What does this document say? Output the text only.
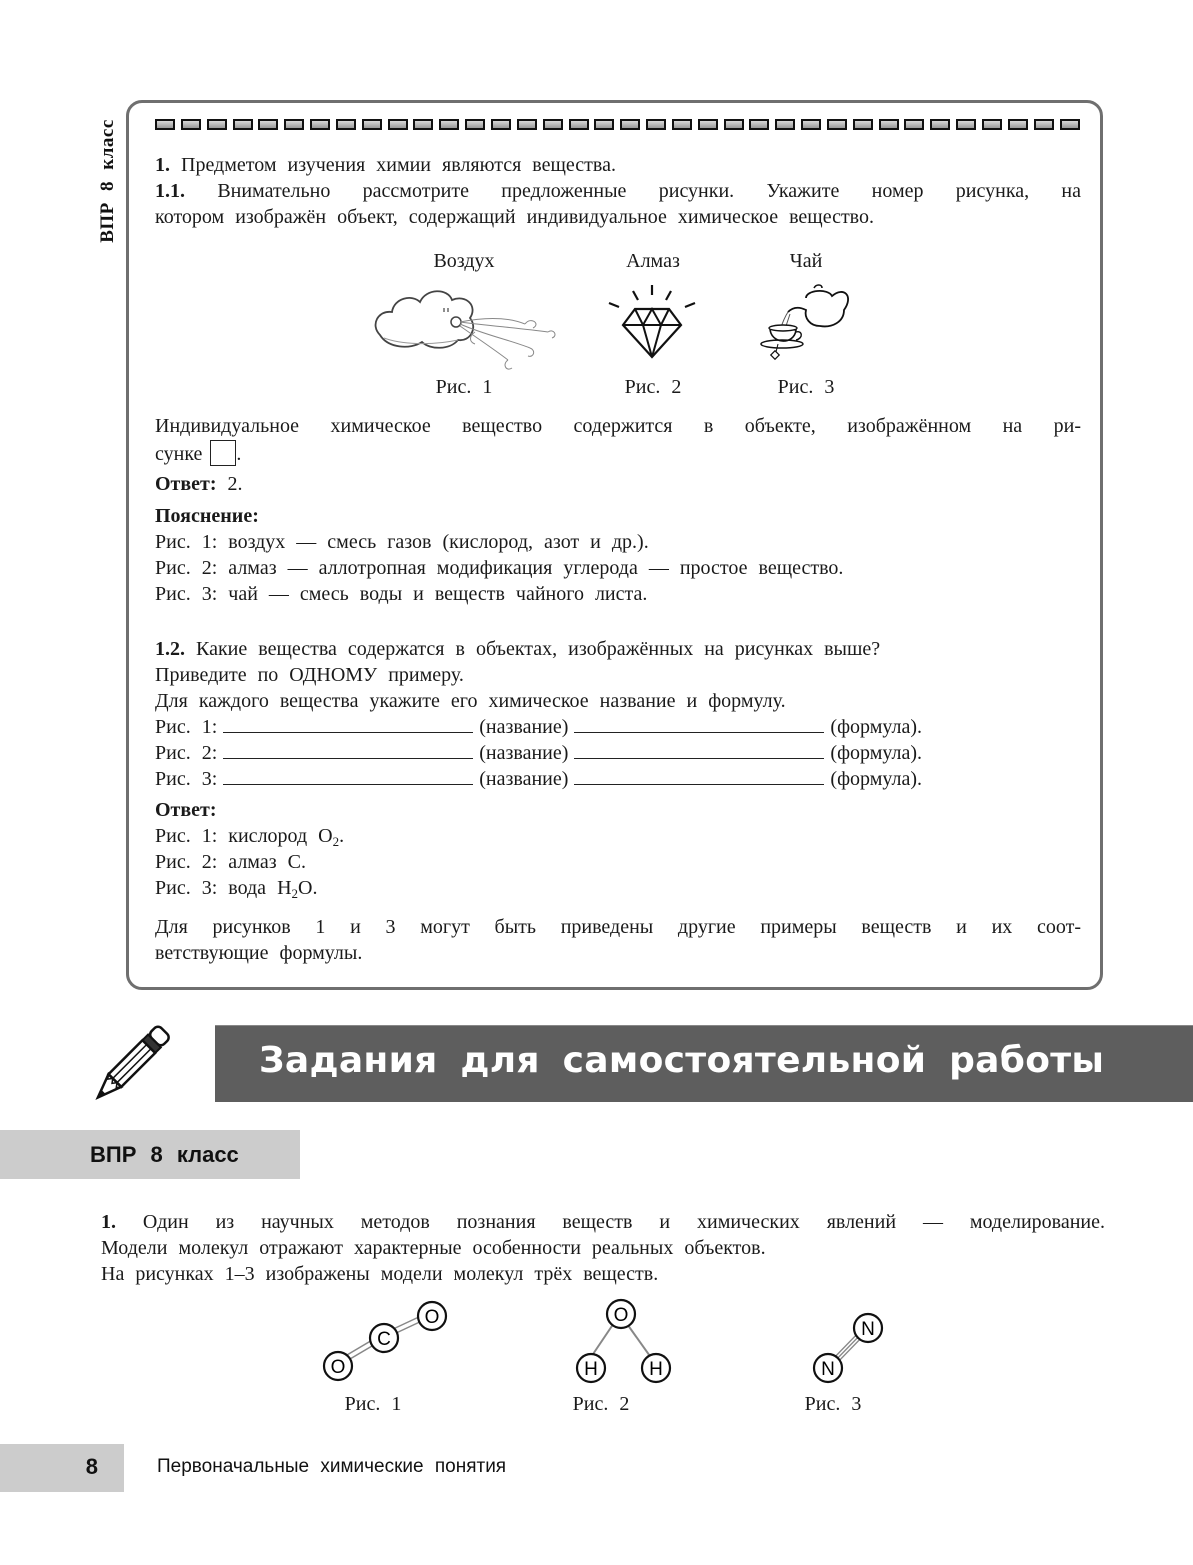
ВПР 8 класс 1. Предметом изучения химии являются вещества.
1.1. Внимательно рассмотрите предложенные рисунки. Укажите номер рисунка, на
котором изображён объект, содержащий индивидуальное химическое вещество.
Воздух	Алмаз	Чай
Рис. 1	Рис. 2	Рис. 3
Индивидуальное химическое вещество содержится в объекте, изображённом на ри-
сунке .
Ответ: 2.
Пояснение:
Рис. 1: воздух — смесь газов (кислород, азот и др.).
Рис. 2: алмаз — аллотропная модификация углерода — простое вещество.
Рис. 3: чай — смесь воды и веществ чайного листа.
1.2. Какие вещества содержатся в объектах, изображённых на рисунках выше?
Приведите по ОДНОМУ примеру.
Для каждого вещества укажите его химическое название и формулу.
Рис. 1:	(название)	(формула).
Рис. 2:	(название)	(формула).
Рис. 3:	(название)	(формула).
Ответ:
Рис. 1: кислород $O_2$.
Рис. 2: алмаз C.
Рис. 3: вода $H_2O$.
Для рисунков 1 и 3 могут быть приведены другие примеры веществ и их соот-
ветствующие формулы.
Задания для самостоятельной работы
ВПР 8 класс
1. Один из научных методов познания веществ и химических явлений — моделирование.
Модели молекул отражают характерные особенности реальных объектов.
На рисунках 1–3 изображены модели молекул трёх веществ.
O
C
O
Рис. 1
O
H	H
Рис. 2
N
N
Рис. 3
8	Первоначальные химические понятия
